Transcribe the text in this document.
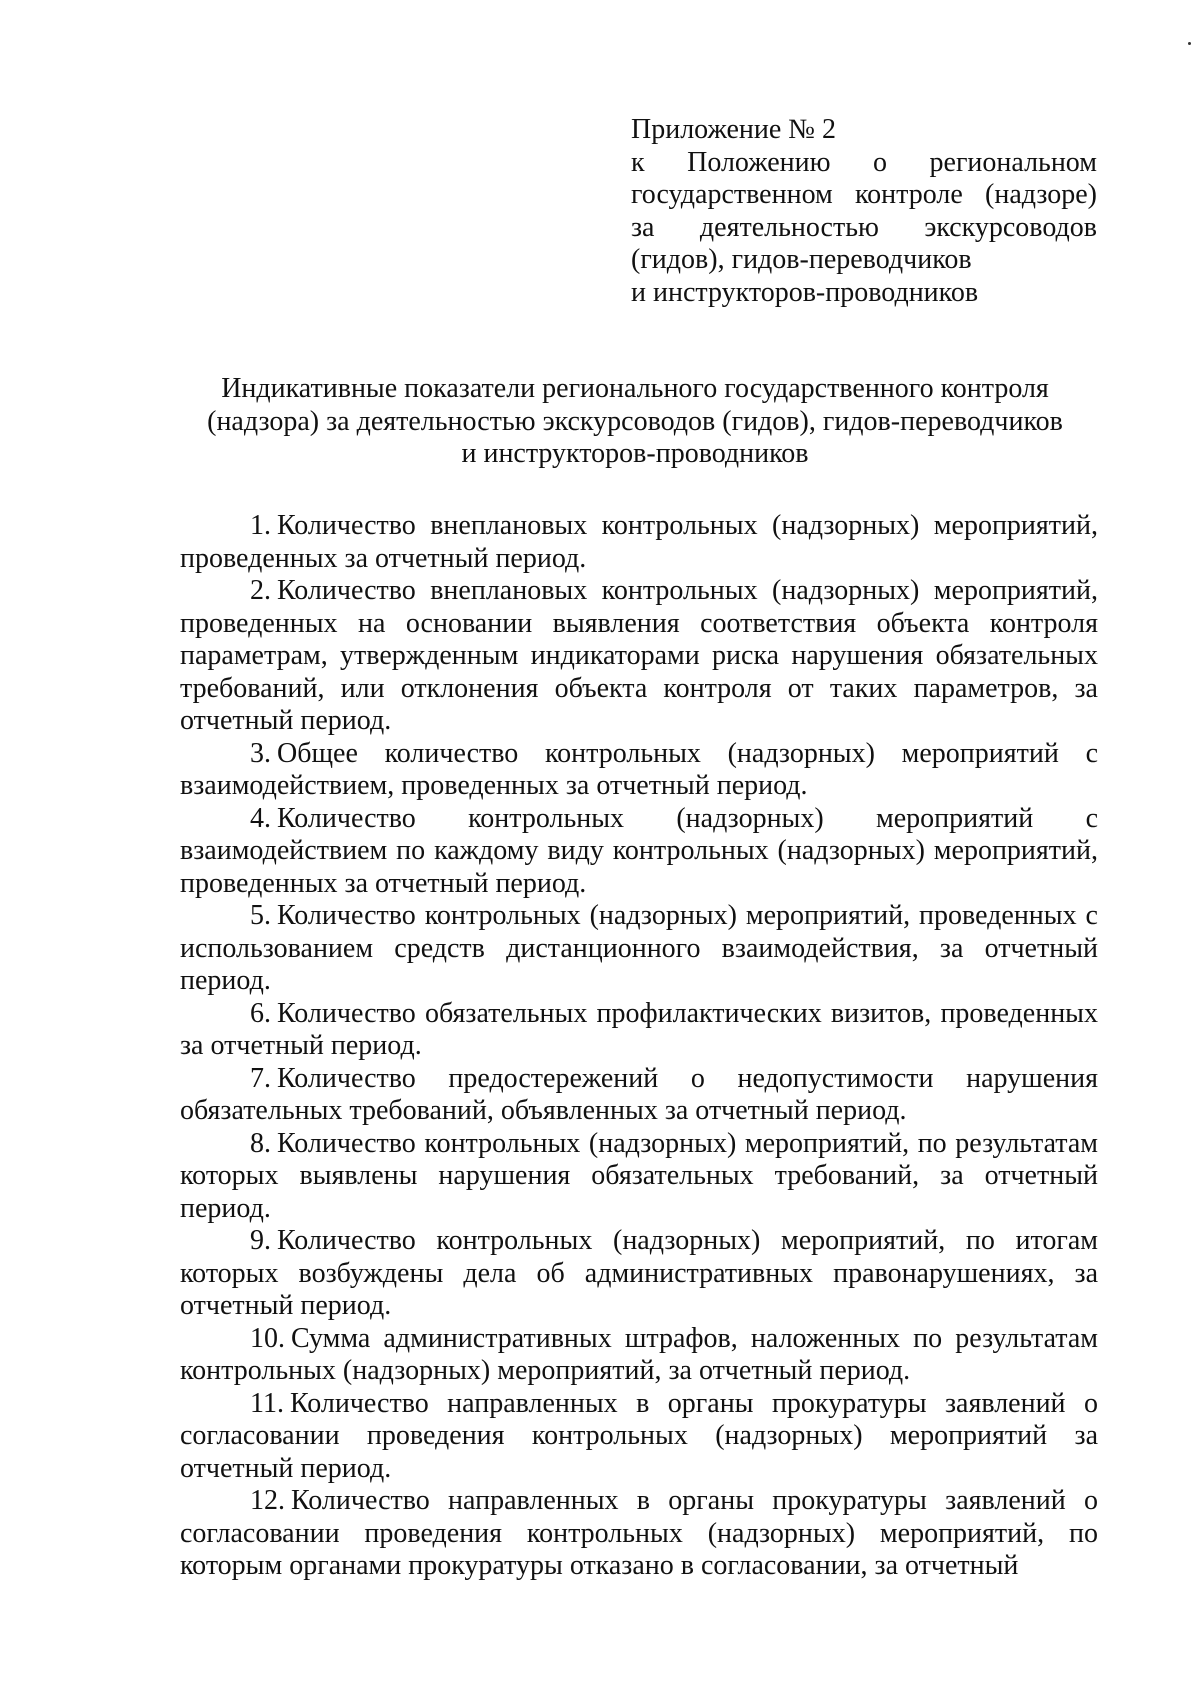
Приложение № 2
к Положению о региональном
государственном контроле (надзоре)
за деятельностью экскурсоводов
(гидов), гидов-переводчиков
и инструкторов-проводников
Индикативные показатели регионального государственного контроля
(надзора) за деятельностью экскурсоводов (гидов), гидов-переводчиков
и инструкторов-проводников

1. Количество внеплановых контрольных (надзорных) мероприятий, проведенных за отчетный период.

2. Количество внеплановых контрольных (надзорных) мероприятий, проведенных на основании выявления соответствия объекта контроля параметрам, утвержденным индикаторами риска нарушения обязательных требований, или отклонения объекта контроля от таких параметров, за отчетный период.

3. Общее количество контрольных (надзорных) мероприятий с взаимодействием, проведенных за отчетный период.

4. Количество контрольных (надзорных) мероприятий с взаимодействием по каждому виду контрольных (надзорных) мероприятий, проведенных за отчетный период.

5. Количество контрольных (надзорных) мероприятий, проведенных с использованием средств дистанционного взаимодействия, за отчетный период.

6. Количество обязательных профилактических визитов, проведенных за отчетный период.

7. Количество предостережений о недопустимости нарушения обязательных требований, объявленных за отчетный период.

8. Количество контрольных (надзорных) мероприятий, по результатам которых выявлены нарушения обязательных требований, за отчетный период.

9. Количество контрольных (надзорных) мероприятий, по итогам которых возбуждены дела об административных правонарушениях, за отчетный период.

10. Сумма административных штрафов, наложенных по результатам контрольных (надзорных) мероприятий, за отчетный период.

11. Количество направленных в органы прокуратуры заявлений о согласовании проведения контрольных (надзорных) мероприятий за отчетный период.

12. Количество направленных в органы прокуратуры заявлений о согласовании проведения контрольных (надзорных) мероприятий, по которым органами прокуратуры отказано в согласовании, за отчетный
